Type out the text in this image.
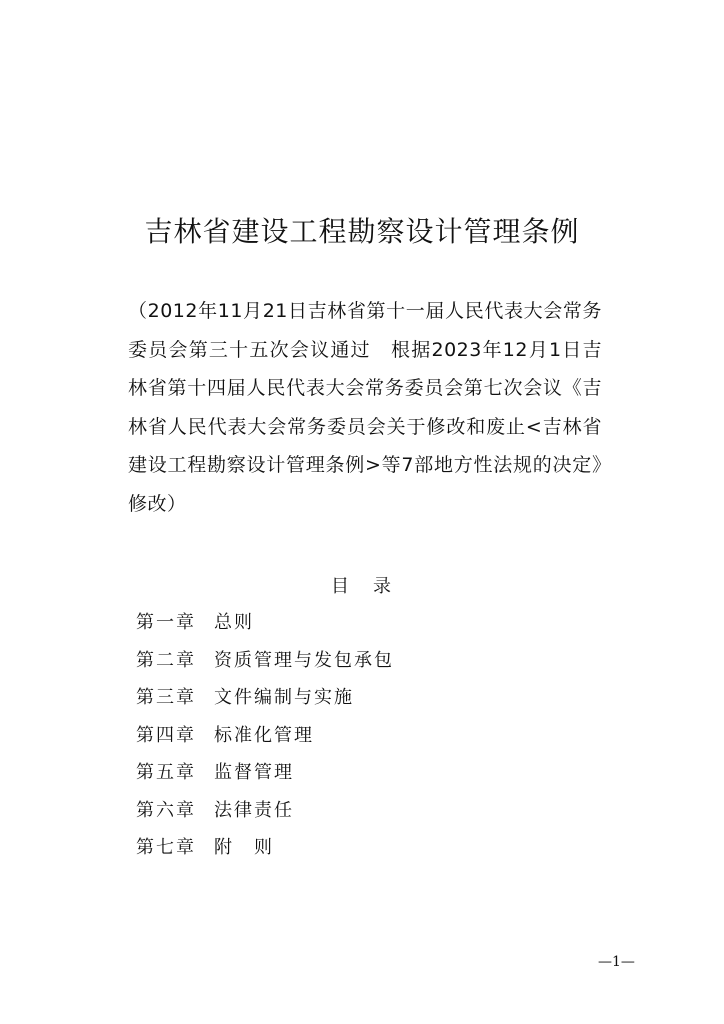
吉林省建设工程勘察设计管理条例
（2012年11月21日吉林省第十一届人民代表大会常务委员会第三十五次会议通过　根据2023年12月1日吉林省第十四届人民代表大会常务委员会第七次会议《吉林省人民代表大会常务委员会关于修改和废止<吉林省建设工程勘察设计管理条例>等7部地方性法规的决定》修改）
目 录
第一章 总则
第二章 资质管理与发包承包
第三章 文件编制与实施
第四章 标准化管理
第五章 监督管理
第六章 法律责任
第七章 附　则
—1—
